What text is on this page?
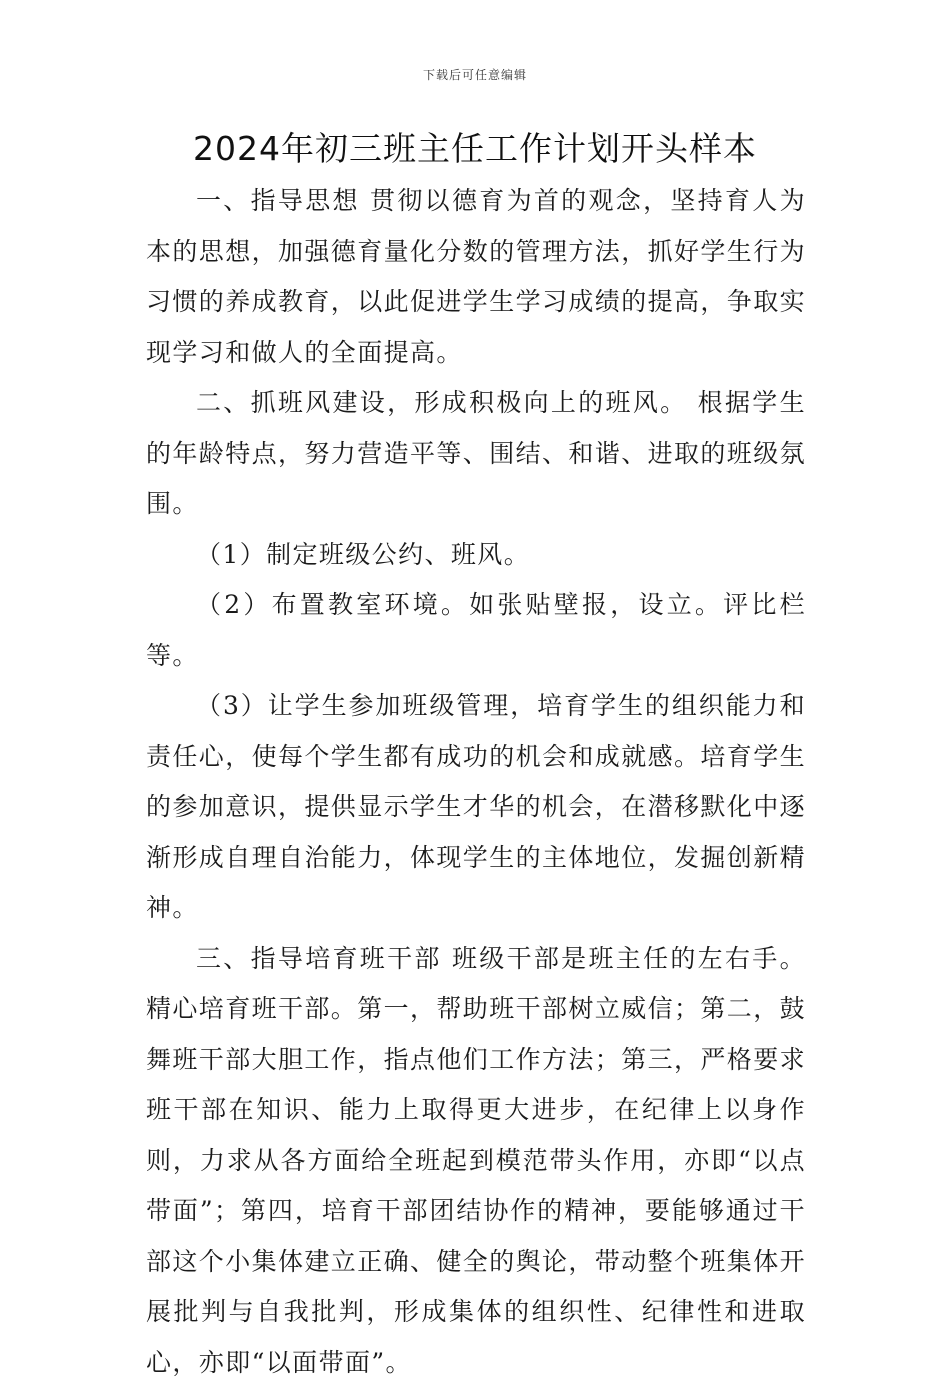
下载后可任意编辑
2024年初三班主任工作计划开头样本

一、指导思想 贯彻以德育为首的观念，坚持育人为本的思想，加强德育量化分数的管理方法，抓好学生行为习惯的养成教育，以此促进学生学习成绩的提高，争取实现学习和做人的全面提高。

二、抓班风建设，形成积极向上的班风。 根据学生的年龄特点，努力营造平等、围结、和谐、进取的班级氛围。

（1）制定班级公约、班风。

（2）布置教室环境。如张贴壁报，设立。评比栏等。

（3）让学生参加班级管理，培育学生的组织能力和责任心，使每个学生都有成功的机会和成就感。培育学生的参加意识，提供显示学生才华的机会，在潜移默化中逐渐形成自理自治能力，体现学生的主体地位，发掘创新精神。

三、指导培育班干部 班级干部是班主任的左右手。精心培育班干部。第一，帮助班干部树立威信；第二，鼓舞班干部大胆工作，指点他们工作方法；第三，严格要求班干部在知识、能力上取得更大进步，在纪律上以身作则，力求从各方面给全班起到模范带头作用，亦即“以点带面”；第四，培育干部团结协作的精神，要能够通过干部这个小集体建立正确、健全的舆论，带动整个班集体开展批判与自我批判，形成集体的组织性、纪律性和进取心，亦即“以面带面”。
